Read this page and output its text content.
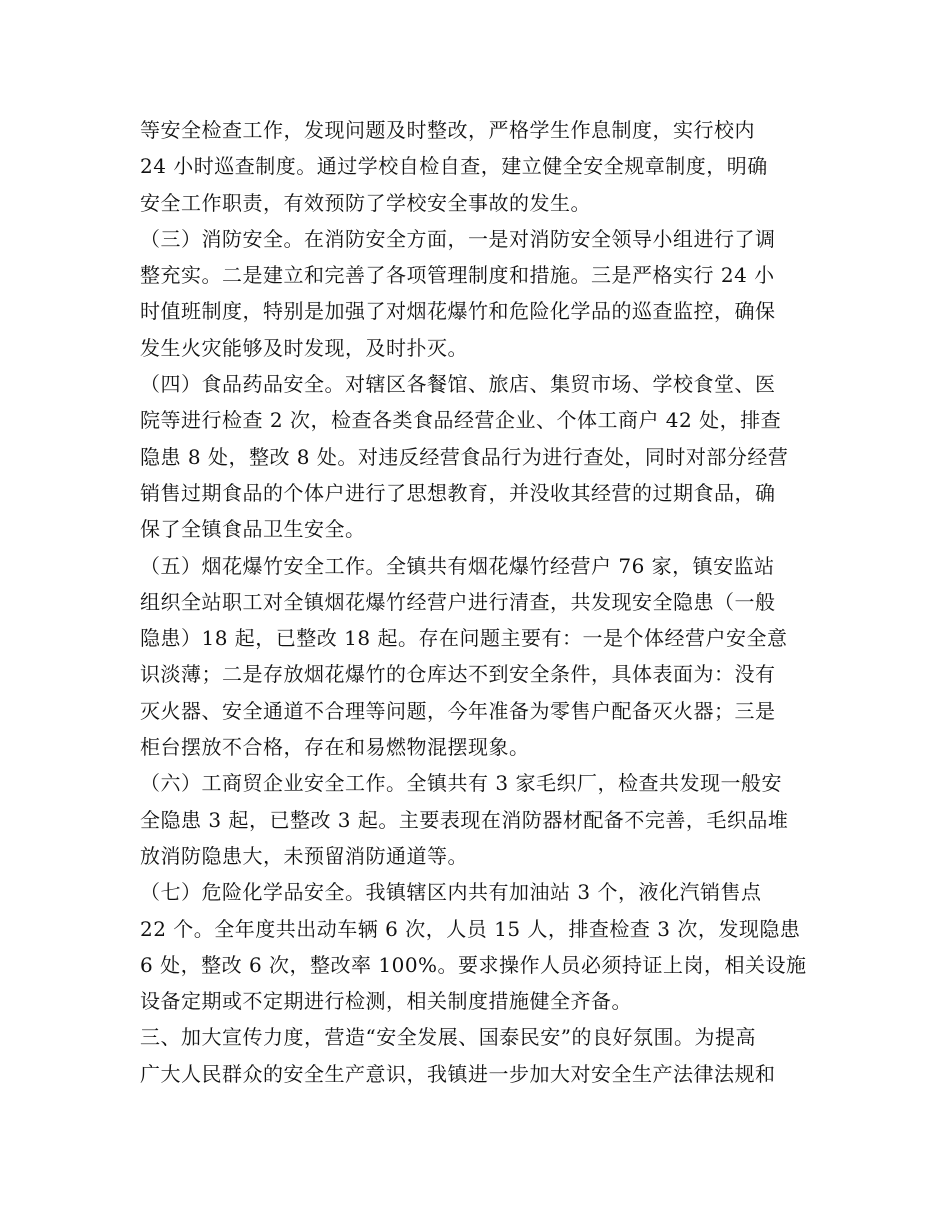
等安全检查工作，发现问题及时整改，严格学生作息制度，实行校内
24 小时巡查制度。通过学校自检自查，建立健全安全规章制度，明确
安全工作职责，有效预防了学校安全事故的发生。
（三）消防安全。在消防安全方面，一是对消防安全领导小组进行了调
整充实。二是建立和完善了各项管理制度和措施。三是严格实行 24 小
时值班制度，特别是加强了对烟花爆竹和危险化学品的巡查监控，确保
发生火灾能够及时发现，及时扑灭。
（四）食品药品安全。对辖区各餐馆、旅店、集贸市场、学校食堂、医
院等进行检查 2 次，检查各类食品经营企业、个体工商户 42 处，排查
隐患 8 处，整改 8 处。对违反经营食品行为进行查处，同时对部分经营
销售过期食品的个体户进行了思想教育，并没收其经营的过期食品，确
保了全镇食品卫生安全。
（五）烟花爆竹安全工作。全镇共有烟花爆竹经营户 76 家，镇安监站
组织全站职工对全镇烟花爆竹经营户进行清查，共发现安全隐患（一般
隐患）18 起，已整改 18 起。存在问题主要有：一是个体经营户安全意
识淡薄；二是存放烟花爆竹的仓库达不到安全条件，具体表面为：没有
灭火器、安全通道不合理等问题，今年准备为零售户配备灭火器；三是
柜台摆放不合格，存在和易燃物混摆现象。
（六）工商贸企业安全工作。全镇共有 3 家毛织厂，检查共发现一般安
全隐患 3 起，已整改 3 起。主要表现在消防器材配备不完善，毛织品堆
放消防隐患大，未预留消防通道等。
（七）危险化学品安全。我镇辖区内共有加油站 3 个，液化汽销售点
22 个。全年度共出动车辆 6 次，人员 15 人，排查检查 3 次，发现隐患
6 处，整改 6 次，整改率 100%。要求操作人员必须持证上岗，相关设施
设备定期或不定期进行检测，相关制度措施健全齐备。
三、加大宣传力度，营造“安全发展、国泰民安”的良好氛围。为提高
广大人民群众的安全生产意识，我镇进一步加大对安全生产法律法规和
